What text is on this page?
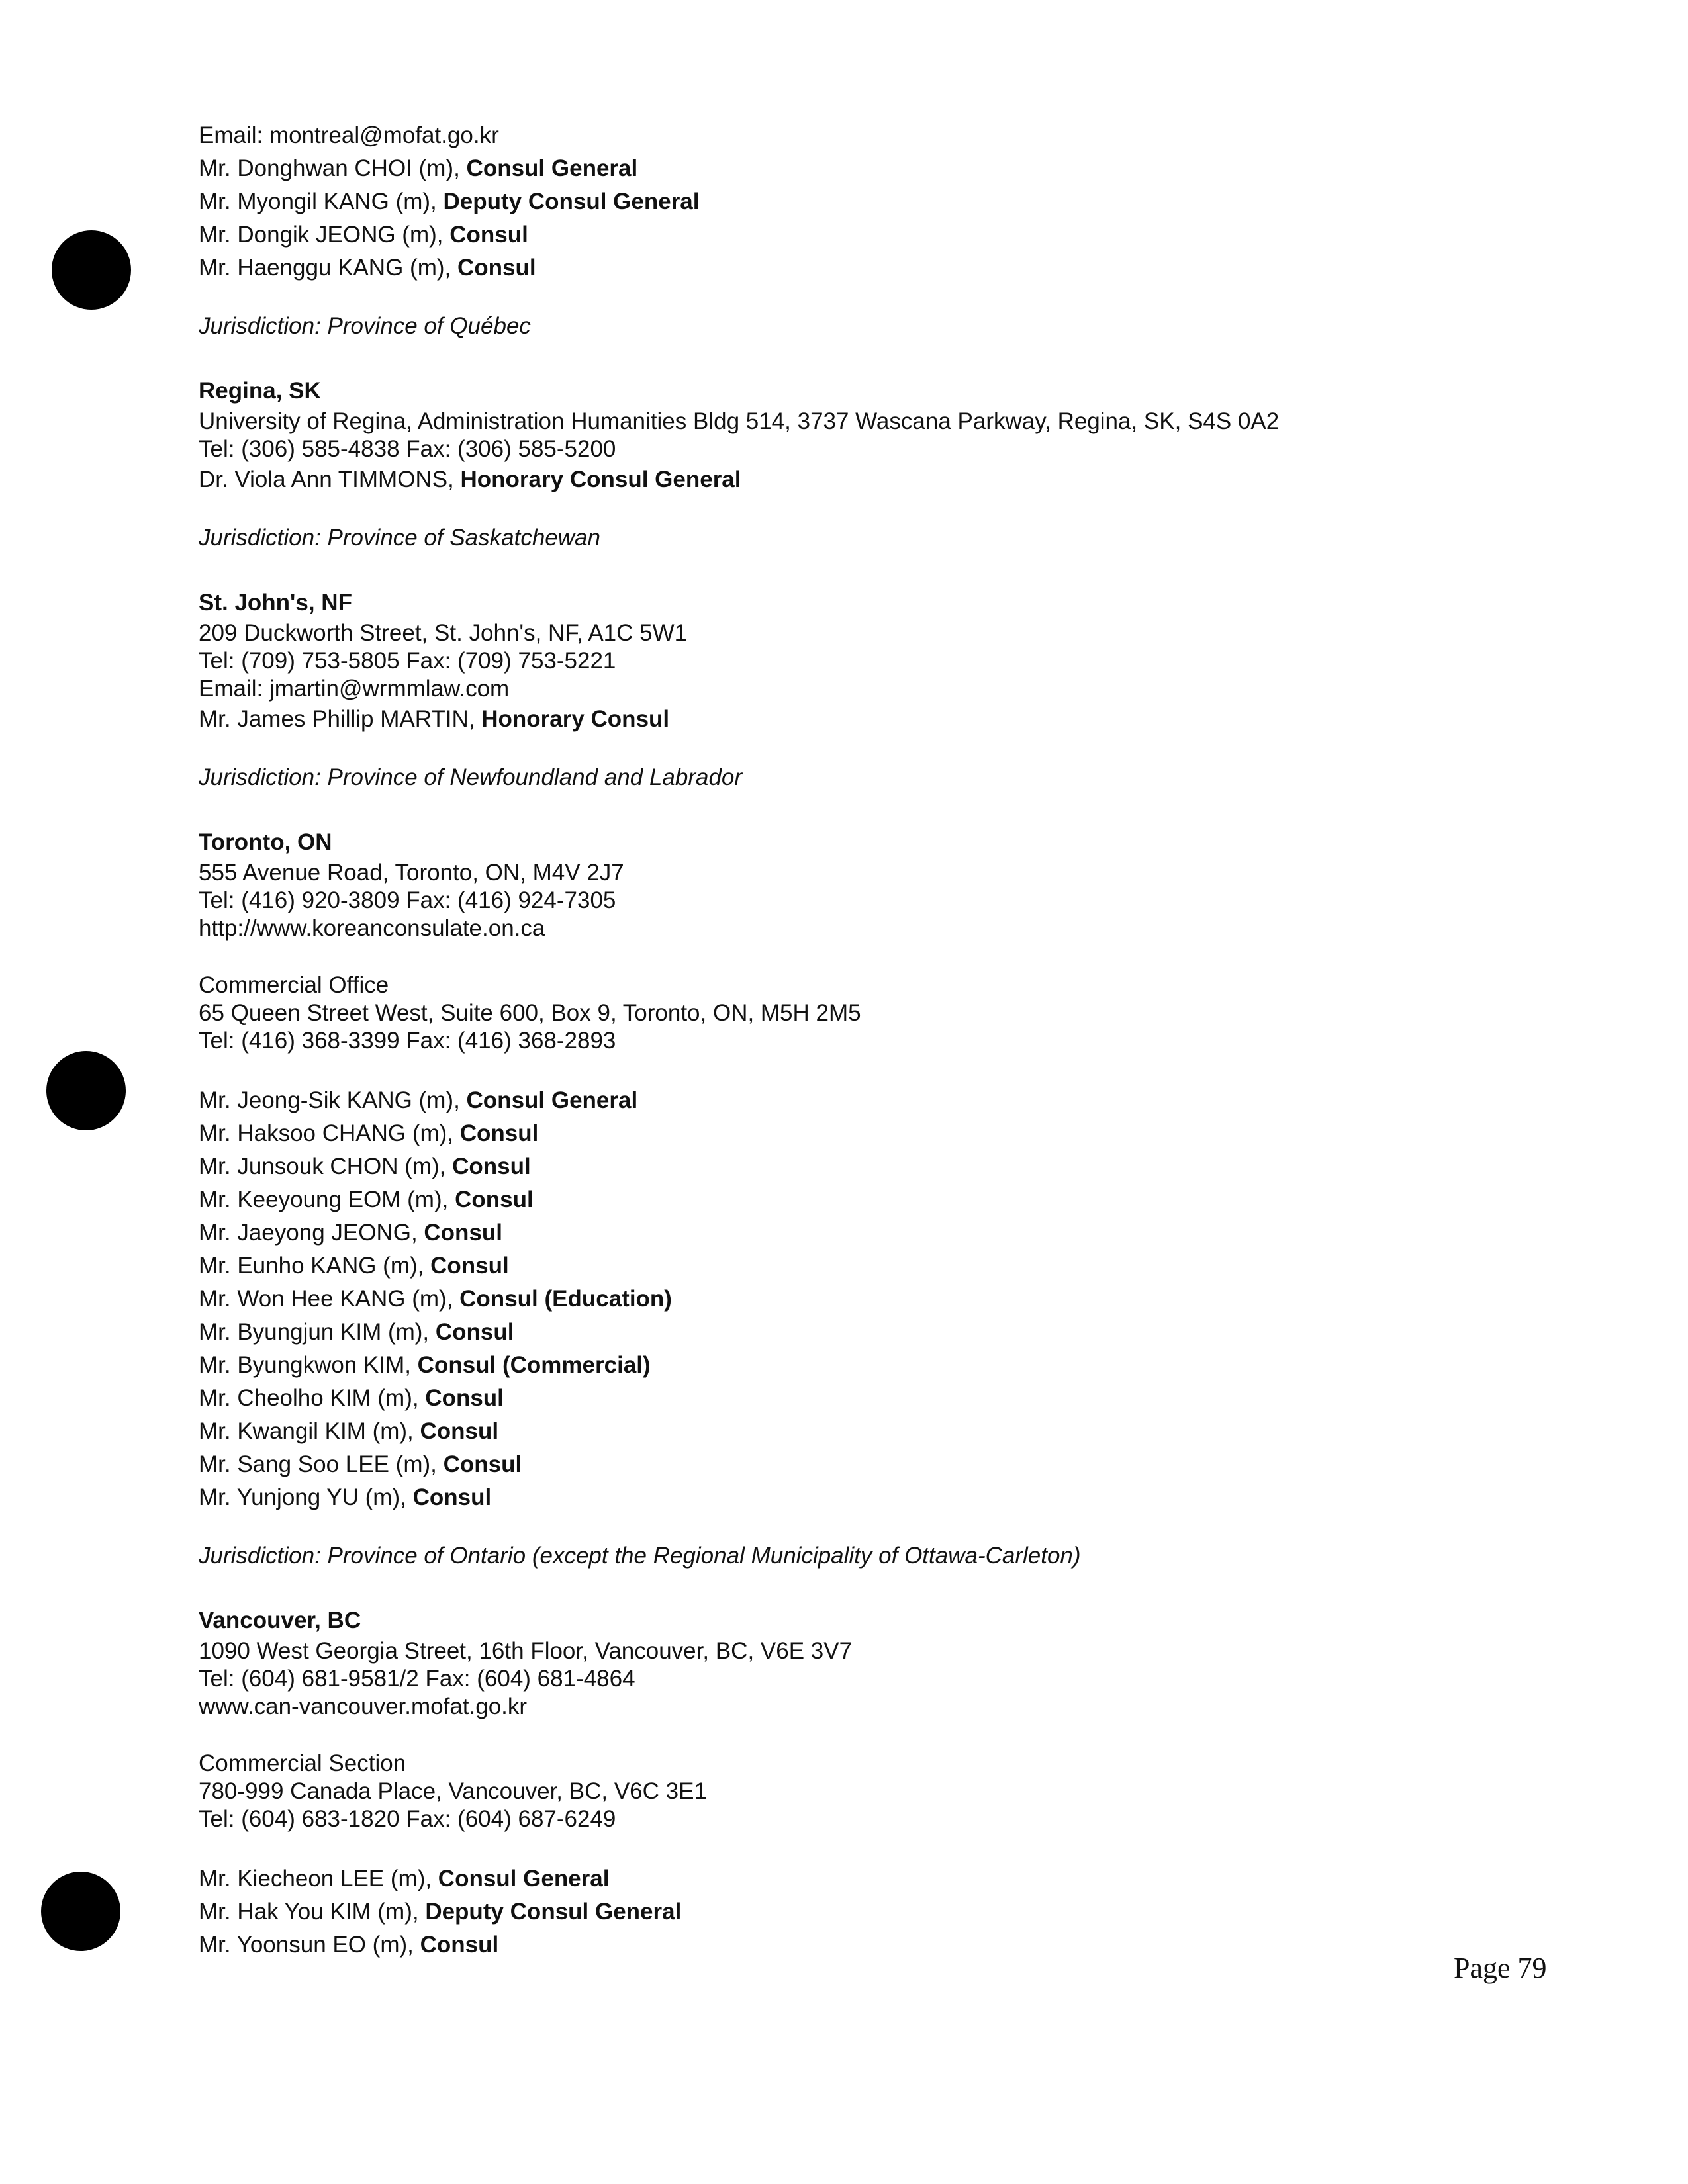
Email: montreal@mofat.go.kr
Mr. Donghwan CHOI (m), Consul General
Mr. Myongil KANG (m), Deputy Consul General
Mr. Dongik JEONG (m), Consul
Mr. Haenggu KANG (m), Consul
Jurisdiction: Province of Québec
Regina, SK
University of Regina, Administration Humanities Bldg 514, 3737 Wascana Parkway, Regina, SK, S4S 0A2
Tel: (306) 585-4838 Fax: (306) 585-5200
Dr. Viola Ann TIMMONS, Honorary Consul General
Jurisdiction: Province of Saskatchewan
St. John's, NF
209 Duckworth Street, St. John's, NF, A1C 5W1
Tel: (709) 753-5805 Fax: (709) 753-5221
Email: jmartin@wrmmlaw.com
Mr. James Phillip MARTIN, Honorary Consul
Jurisdiction: Province of Newfoundland and Labrador
Toronto, ON
555 Avenue Road, Toronto, ON, M4V 2J7
Tel: (416) 920-3809 Fax: (416) 924-7305
http://www.koreanconsulate.on.ca
Commercial Office
65 Queen Street West, Suite 600, Box 9, Toronto, ON, M5H 2M5
Tel: (416) 368-3399 Fax: (416) 368-2893
Mr. Jeong-Sik KANG (m), Consul General
Mr. Haksoo CHANG (m), Consul
Mr. Junsouk CHON (m), Consul
Mr. Keeyoung EOM (m), Consul
Mr. Jaeyong JEONG, Consul
Mr. Eunho KANG (m), Consul
Mr. Won Hee KANG (m), Consul (Education)
Mr. Byungjun KIM (m), Consul
Mr. Byungkwon KIM, Consul (Commercial)
Mr. Cheolho KIM (m), Consul
Mr. Kwangil KIM (m), Consul
Mr. Sang Soo LEE (m), Consul
Mr. Yunjong YU (m), Consul
Jurisdiction: Province of Ontario (except the Regional Municipality of Ottawa-Carleton)
Vancouver, BC
1090 West Georgia Street, 16th Floor, Vancouver, BC, V6E 3V7
Tel: (604) 681-9581/2 Fax: (604) 681-4864
www.can-vancouver.mofat.go.kr
Commercial Section
780-999 Canada Place, Vancouver, BC, V6C 3E1
Tel: (604) 683-1820 Fax: (604) 687-6249
Mr. Kiecheon LEE (m), Consul General
Mr. Hak You KIM (m), Deputy Consul General
Mr. Yoonsun EO (m), Consul
Page 79
